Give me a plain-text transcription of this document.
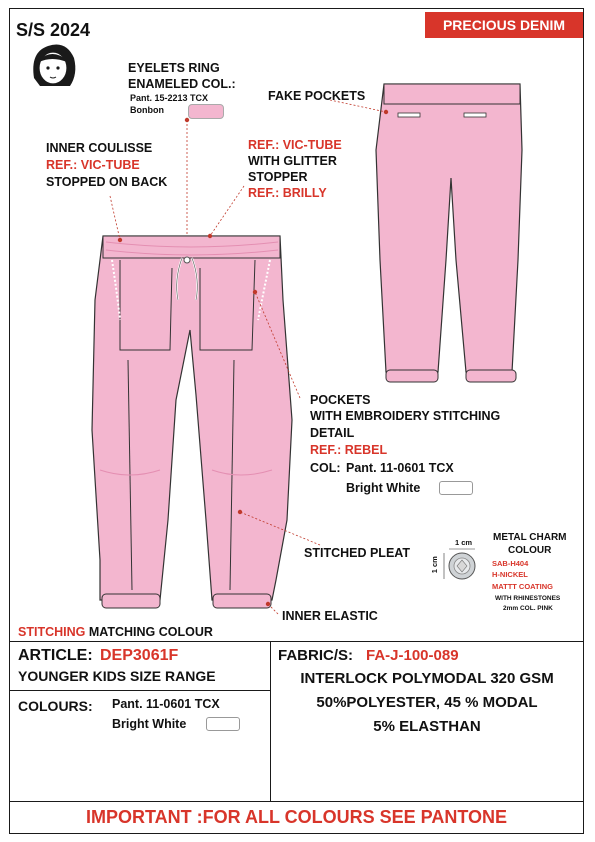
S/S 2024	PRECIOUS DENIM
EYELETS RING
ENAMELED COL.:
Pant. 15-2213 TCX
Bonbon
FAKE POCKETS
INNER COULISSE
REF.: VIC-TUBE
STOPPED ON BACK
REF.: VIC-TUBE
WITH GLITTER
STOPPER
REF.: BRILLY
POCKETS
WITH EMBROIDERY STITCHING
DETAIL
REF.: REBEL
COL: Pant. 11-0601 TCX
Bright White
STITCHED PLEAT
INNER ELASTIC
METAL CHARM
COLOUR
SAB-H404
H-NICKEL
MATTT COATING
WITH RHINESTONES
2mm COL. PINK
1 cm
1 cm
STITCHING MATCHING COLOUR
ARTICLE: DEP3061F
YOUNGER KIDS SIZE RANGE
COLOURS: Pant. 11-0601 TCX
Bright White
FABRIC/S: FA-J-100-089
INTERLOCK POLYMODAL 320 GSM
50%POLYESTER, 45 % MODAL
5% ELASTHAN
IMPORTANT :FOR ALL COLOURS SEE PANTONE
